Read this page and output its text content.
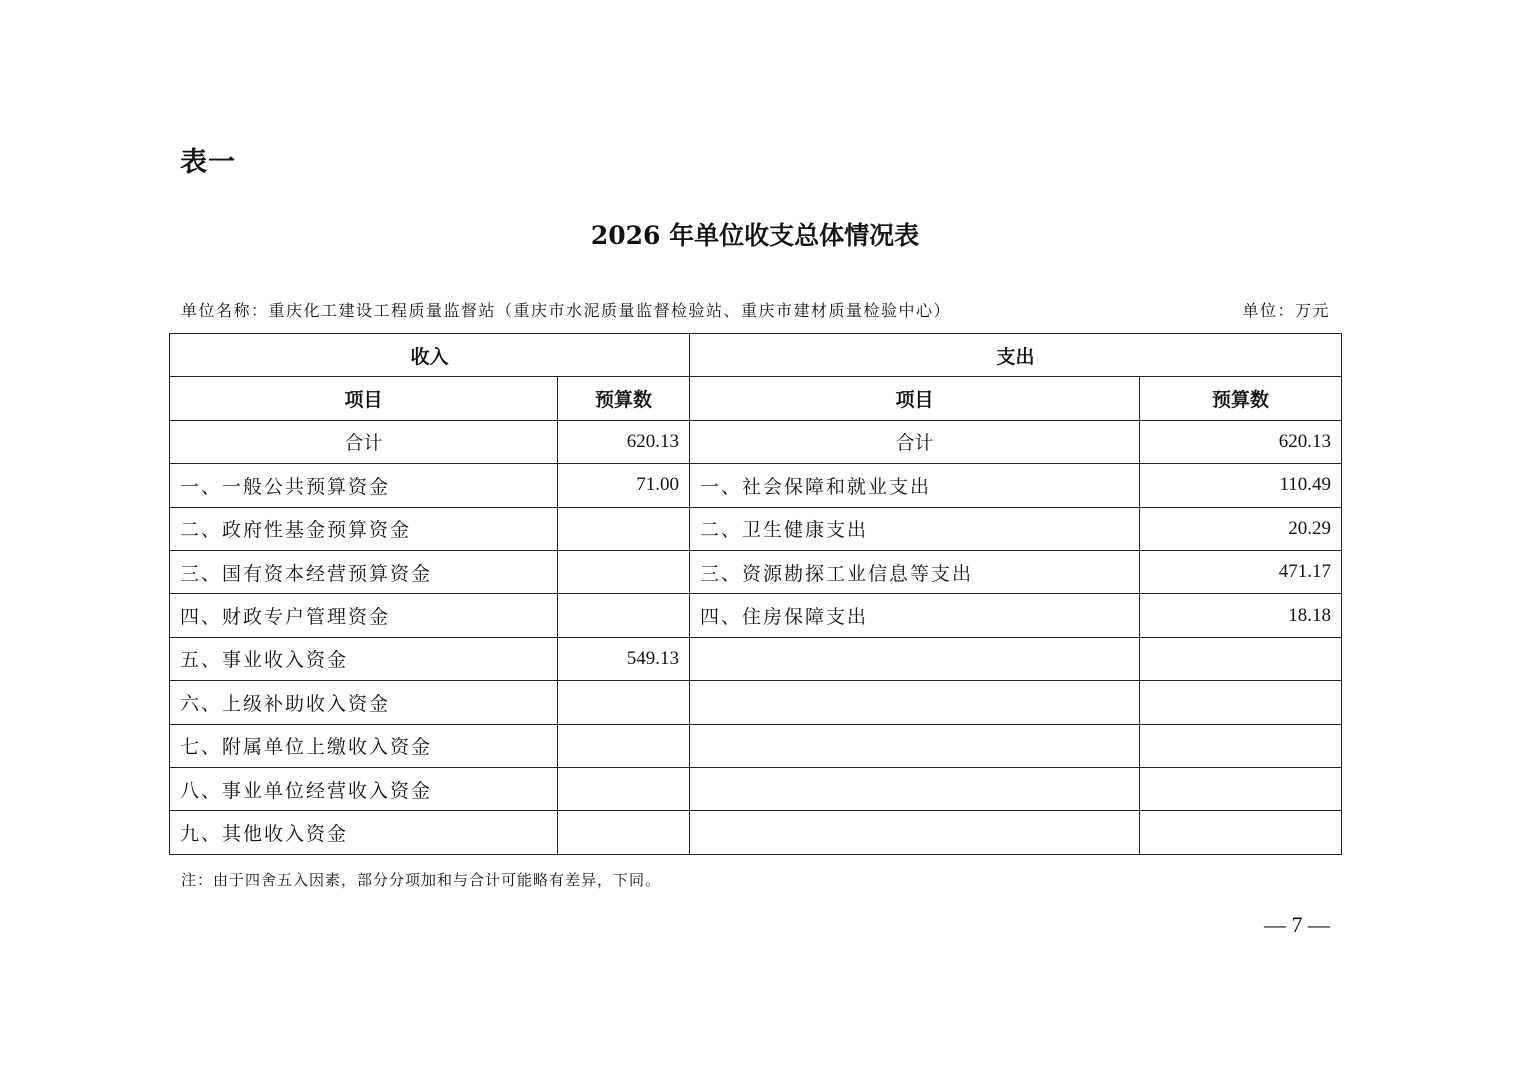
表一
2026 年单位收支总体情况表
单位名称：重庆化工建设工程质量监督站（重庆市水泥质量监督检验站、重庆市建材质量检验中心）	单位：万元
收入		支出	
项目	预算数	项目	预算数
合计	620.13	合计	620.13
一、一般公共预算资金	71.00	一、社会保障和就业支出	110.49
二、政府性基金预算资金		二、卫生健康支出	20.29
三、国有资本经营预算资金		三、资源勘探工业信息等支出	471.17
四、财政专户管理资金		四、住房保障支出	18.18
五、事业收入资金	549.13		
六、上级补助收入资金			
七、附属单位上缴收入资金			
八、事业单位经营收入资金			
九、其他收入资金			
注：由于四舍五入因素，部分分项加和与合计可能略有差异，下同。
— 7 —
